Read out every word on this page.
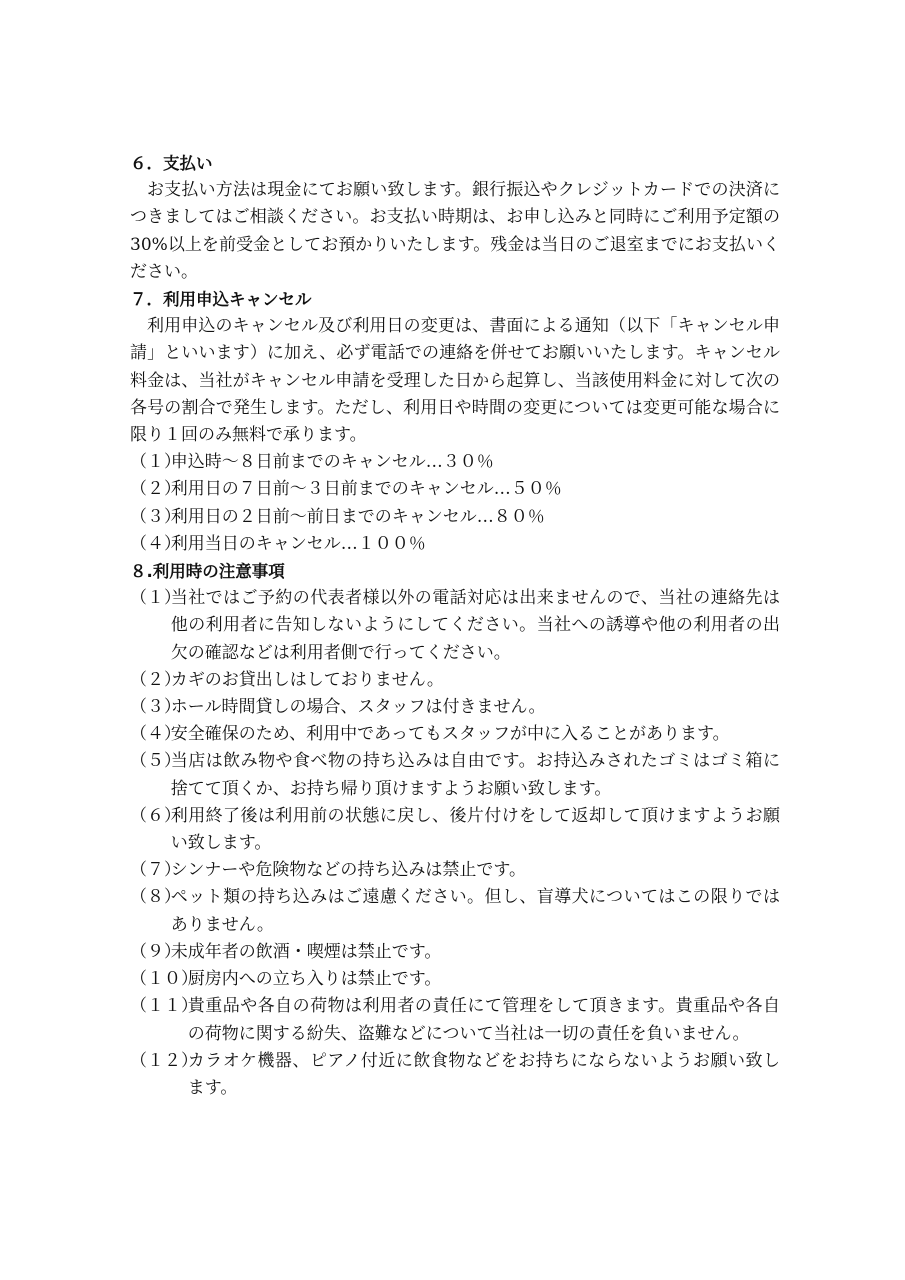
６．支払い

お支払い方法は現金にてお願い致します。銀行振込やクレジットカードでの決済につきましてはご相談ください。お支払い時期は、お申し込みと同時にご利用予定額の 30%以上を前受金としてお預かりいたします。残金は当日のご退室までにお支払いください。

７．利用申込キャンセル

利用申込のキャンセル及び利用日の変更は、書面による通知（以下「キャンセル申請」といいます）に加え、必ず電話での連絡を併せてお願いいたします。キャンセル料金は、当社がキャンセル申請を受理した日から起算し、当該使用料金に対して次の各号の割合で発生します。ただし、利用日や時間の変更については変更可能な場合に限り１回のみ無料で承ります。

（１）
申込時～８日前までのキャンセル…３０％
（２）
利用日の７日前～３日前までのキャンセル…５０％
（３）
利用日の２日前～前日までのキャンセル…８０％
（４）
利用当日のキャンセル…１００％
８.利用時の注意事項
（１）
当社ではご予約の代表者様以外の電話対応は出来ませんので、当社の連絡先は他の利用者に告知しないようにしてください。当社への誘導や他の利用者の出欠の確認などは利用者側で行ってください。
（２）
カギのお貸出しはしておりません。
（３）
ホール時間貸しの場合、スタッフは付きません。
（４）
安全確保のため、利用中であってもスタッフが中に入ることがあります。
（５）
当店は飲み物や食べ物の持ち込みは自由です。お持込みされたゴミはゴミ箱に捨てて頂くか、お持ち帰り頂けますようお願い致します。
（６）
利用終了後は利用前の状態に戻し、後片付けをして返却して頂けますようお願い致します。
（７）
シンナーや危険物などの持ち込みは禁止です。
（８）
ペット類の持ち込みはご遠慮ください。但し、盲導犬についてはこの限りではありません。
（９）
未成年者の飲酒・喫煙は禁止です。
（１０）
厨房内への立ち入りは禁止です。
（１１）
貴重品や各自の荷物は利用者の責任にて管理をして頂きます。貴重品や各自の荷物に関する紛失、盗難などについて当社は一切の責任を負いません。
（１２）
カラオケ機器、ピアノ付近に飲食物などをお持ちにならないようお願い致します。
